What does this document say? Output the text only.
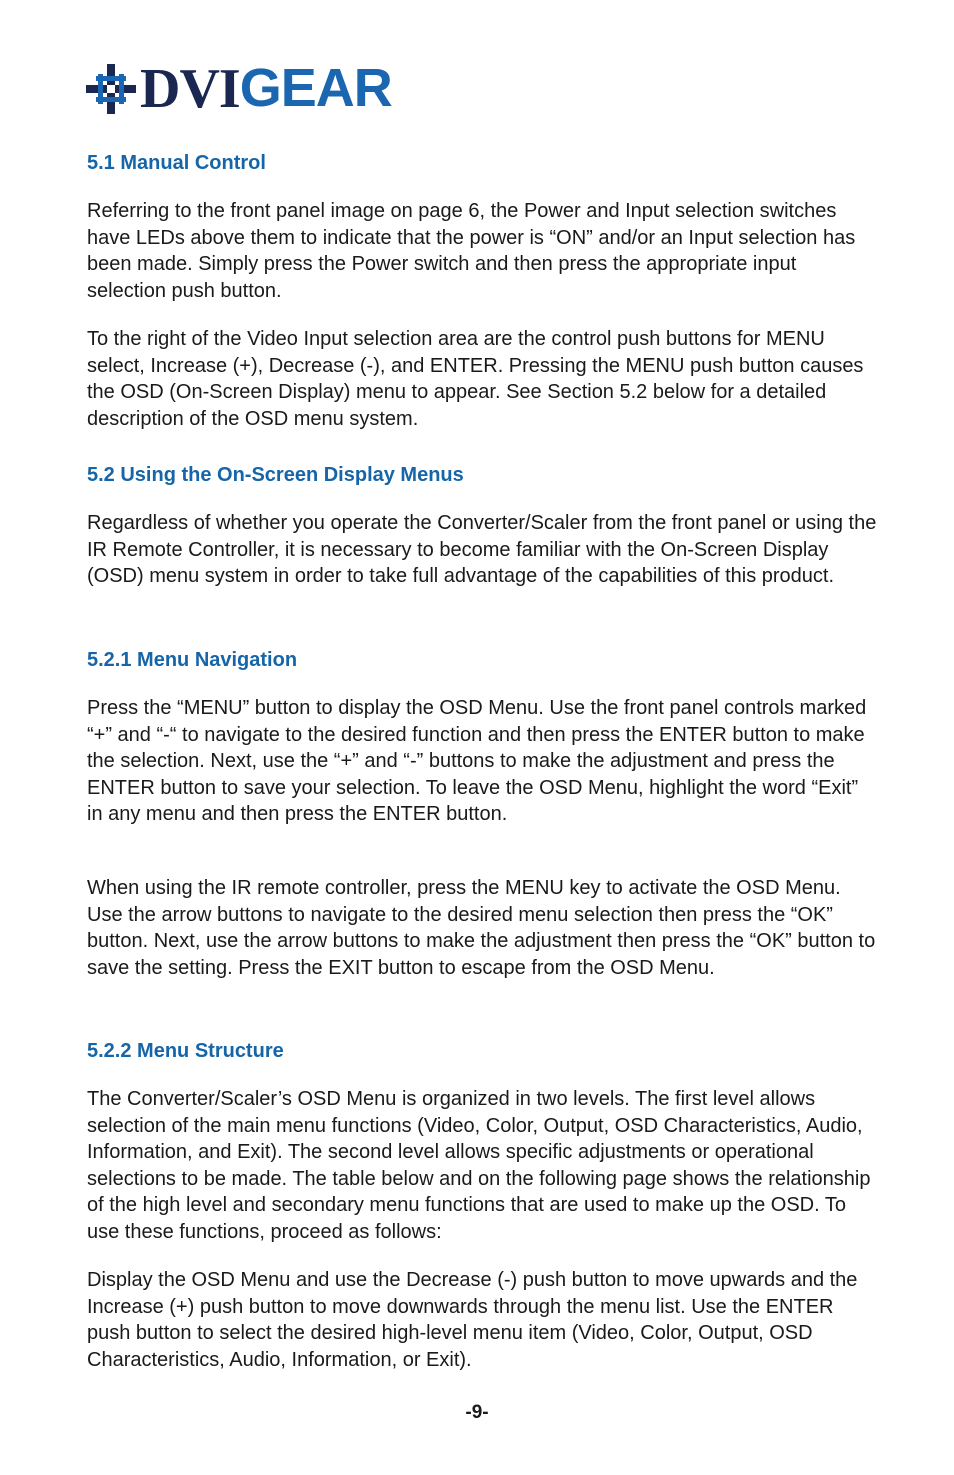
DVI GEAR
5.1 Manual Control

Referring to the front panel image on page 6, the Power and Input selection switches have LEDs above them to indicate that the power is “ON” and/or an Input selection has been made. Simply press the Power switch and then press the appropriate input selection push button.

To the right of the Video Input selection area are the control push buttons for MENU select, Increase (+), Decrease (-), and ENTER. Pressing the MENU push button causes the OSD (On-Screen Display) menu to appear. See Section 5.2 below for a detailed description of the OSD menu system.

5.2 Using the On-Screen Display Menus

Regardless of whether you operate the Converter/Scaler from the front panel or using the IR Remote Controller, it is necessary to become familiar with the On-Screen Display (OSD) menu system in order to take full advantage of the capabilities of this product.

5.2.1 Menu Navigation

Press the “MENU” button to display the OSD Menu. Use the front panel controls marked “+” and “-“ to navigate to the desired function and then press the ENTER button to make the selection. Next, use the “+” and “-” buttons to make the adjustment and press the ENTER button to save your selection. To leave the OSD Menu, highlight the word “Exit” in any menu and then press the ENTER button.

When using the IR remote controller, press the MENU key to activate the OSD Menu. Use the arrow buttons to navigate to the desired menu selection then press the “OK” button. Next, use the arrow buttons to make the adjustment then press the “OK” button to save the setting. Press the EXIT button to escape from the OSD Menu.

5.2.2 Menu Structure

The Converter/Scaler’s OSD Menu is organized in two levels. The first level allows selection of the main menu functions (Video, Color, Output, OSD Characteristics, Audio, Information, and Exit). The second level allows specific adjustments or operational selections to be made. The table below and on the following page shows the relationship of the high level and secondary menu functions that are used to make up the OSD. To use these functions, proceed as follows:

Display the OSD Menu and use the Decrease (-) push button to move upwards and the Increase (+) push button to move downwards through the menu list. Use the ENTER push button to select the desired high-level menu item (Video, Color, Output, OSD Characteristics, Audio, Information, or Exit).

-9-
